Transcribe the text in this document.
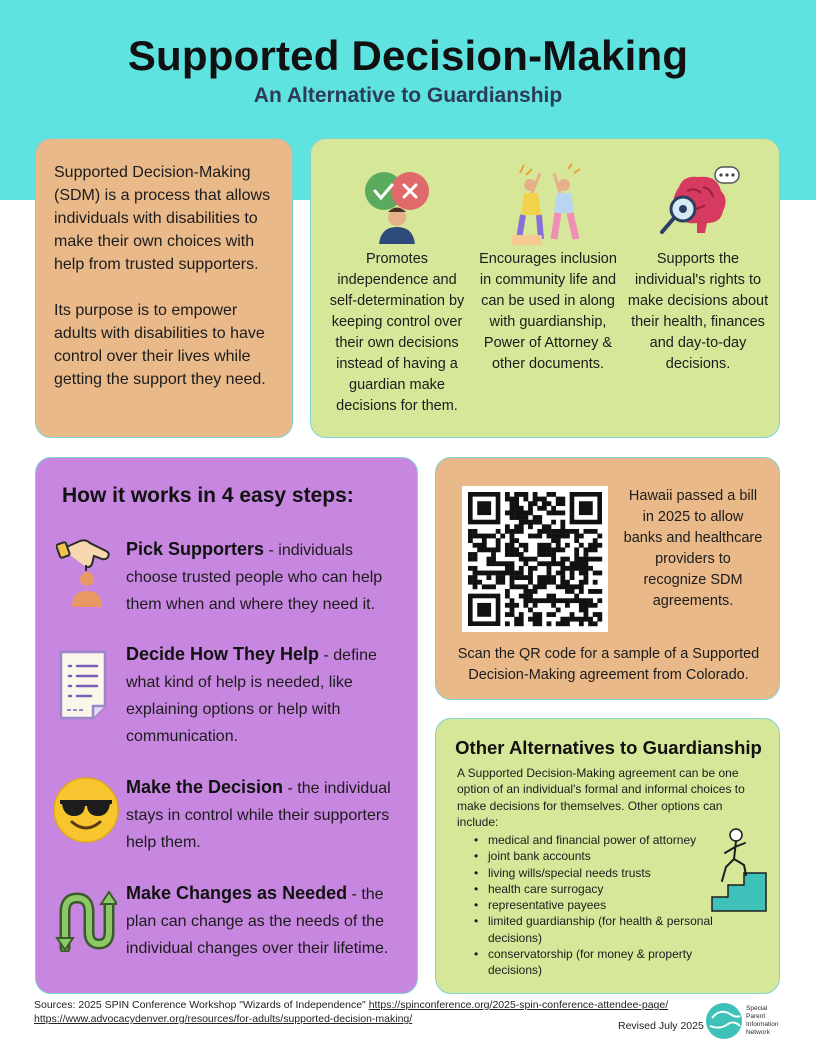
Supported Decision-Making
An Alternative to Guardianship

Supported Decision-Making (SDM) is a process that allows individuals with disabilities to make their own choices with help from trusted supporters.

Its purpose is to empower adults with disabilities to have control over their lives while getting the support they need.

Promotes independence and self-determination by keeping control over their own decisions instead of having a guardian make decisions for them.
Encourages inclusion in community life and can be used in along with guardianship, Power of Attorney & other documents.
Supports the individual's rights to make decisions about their health, finances and day-to-day decisions.
How it works in 4 easy steps:
Pick Supporters - individuals choose trusted people who can help them when and where they need it.
Decide How They Help - define what kind of help is needed, like explaining options or help with communication.
Make the Decision - the individual stays in control while their supporters help them.
Make Changes as Needed - the plan can change as the needs of the individual changes over their lifetime.
Hawaii passed a bill in 2025 to allow banks and healthcare providers to recognize SDM agreements.
Scan the QR code for a sample of a Supported Decision-Making agreement from Colorado.
Other Alternatives to Guardianship
A Supported Decision-Making agreement can be one option of an individual's formal and informal choices to make decisions for themselves. Other options can include:
• medical and financial power of attorney
• joint bank accounts
• living wills/special needs trusts
• health care surrogacy
• representative payees
• limited guardianship (for health & personal decisions)
• conservatorship (for money & property decisions)
Sources: 2025 SPIN Conference Workshop "Wizards of Independence" https://spinconference.org/2025-spin-conference-attendee-page/
https://www.advocacydenver.org/resources/for-adults/supported-decision-making/
Revised July 2025
Special
Parent
Information
Network
